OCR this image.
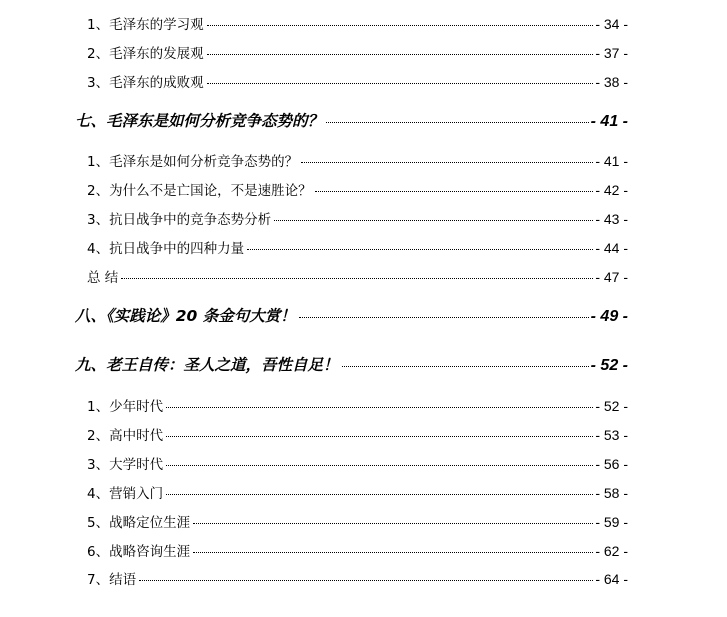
1、毛泽东的学习观	- 34 -
2、毛泽东的发展观	- 37 -
3、毛泽东的成败观	- 38 -
七、毛泽东是如何分析竞争态势的？	- 41 -
1、毛泽东是如何分析竞争态势的？	- 41 -
2、为什么不是亡国论，不是速胜论？	- 42 -
3、抗日战争中的竞争态势分析	- 43 -
4、抗日战争中的四种力量	- 44 -
总 结	- 47 -
八、《实践论》20 条金句大赏！	- 49 -
九、老王自传：圣人之道，吾性自足！	- 52 -
1、少年时代	- 52 -
2、高中时代	- 53 -
3、大学时代	- 56 -
4、营销入门	- 58 -
5、战略定位生涯	- 59 -
6、战略咨询生涯	- 62 -
7、结语	- 64 -
